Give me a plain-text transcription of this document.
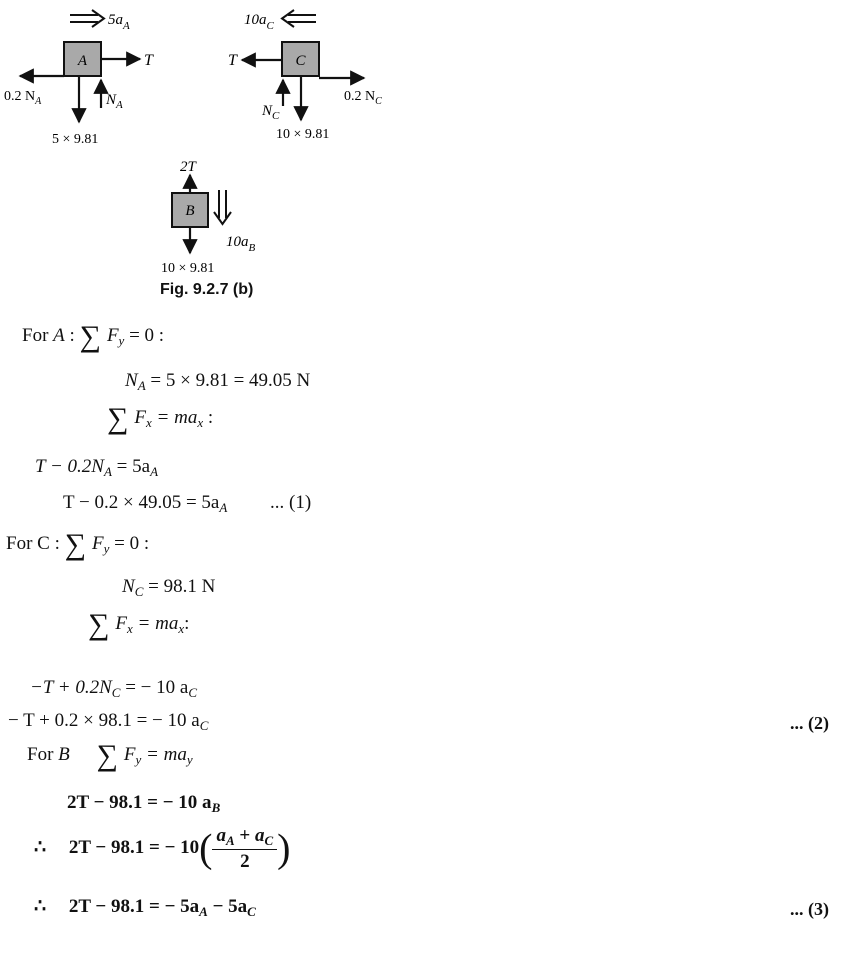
$5a_A$
A	T
0.2 $N_A$
5 × 9.81
$N_A$
$10a_C$
C
T
0.2 $N_C$
$N_C$
10 × 9.81
2T
B
$10a_B$
10 × 9.81
Fig. 9.2.7 (b)
For A : ∑ $F_y = 0$ :
$N_A = 5 \times 9.81 = 49.05$ N
∑ $F_x = ma_x$ :
$T - 0.2N_A = 5a_A$
$T - 0.2 \times 49.05 = 5a_A$ ... (1)
For C : ∑ $F_y = 0$ :
$N_C = 98.1$ N
∑ $F_x = ma_x$:
$-T + 0.2N_C$ = − 10 $a_C$
− T + 0.2 × 98.1 = − 10 $a_C$	... (2)
For B ∑ $F_y = ma_y$
2T − 98.1 = − 10 $a_B$
∴ 2T − 98.1 = − $10( \frac{a_A + a_C}{2}$ )
∴ 2T − 98.1 = − $5a_A - 5a_C$	... (3)
